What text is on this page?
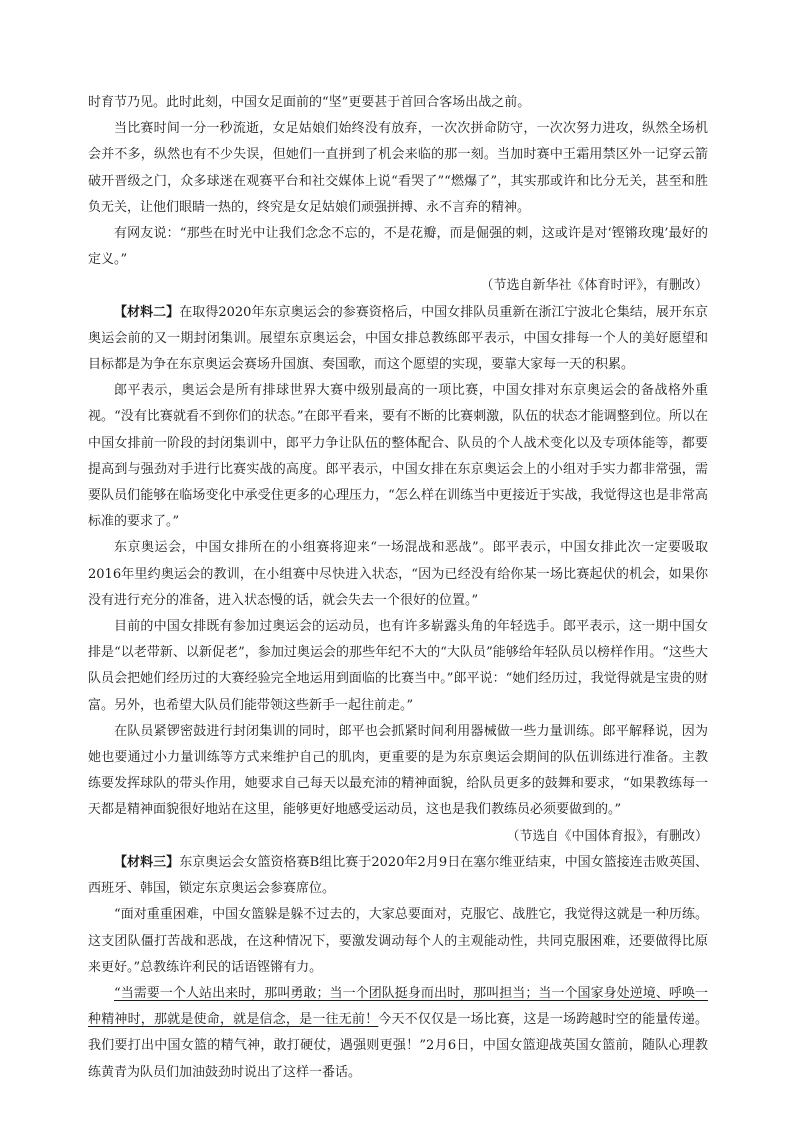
时育节乃见。此时此刻，中国女足面前的“坚”更要甚于首回合客场出战之前。

当比赛时间一分一秒流逝，女足姑娘们始终没有放弃，一次次拼命防守，一次次努力进攻，纵然全场机会并不多，纵然也有不少失误，但她们一直拼到了机会来临的那一刻。当加时赛中王霜用禁区外一记穿云箭破开晋级之门，众多球迷在观赛平台和社交媒体上说“看哭了”“燃爆了”，其实那或许和比分无关，甚至和胜负无关，让他们眼睛一热的，终究是女足姑娘们顽强拼搏、永不言弃的精神。

有网友说：“那些在时光中让我们念念不忘的，不是花瓣，而是倔强的刺，这或许是对‘铿锵玫瑰’最好的定义。”

（节选自新华社《体育时评》，有删改）

【材料二】在取得2020年东京奥运会的参赛资格后，中国女排队员重新在浙江宁波北仑集结，展开东京奥运会前的又一期封闭集训。展望东京奥运会，中国女排总教练郎平表示，中国女排每一个人的美好愿望和目标都是为争在东京奥运会赛场升国旗、奏国歌，而这个愿望的实现，要靠大家每一天的积累。

郎平表示，奥运会是所有排球世界大赛中级别最高的一项比赛，中国女排对东京奥运会的备战格外重视。“没有比赛就看不到你们的状态。”在郎平看来，要有不断的比赛刺激，队伍的状态才能调整到位。所以在中国女排前一阶段的封闭集训中，郎平力争让队伍的整体配合、队员的个人战术变化以及专项体能等，都要提高到与强劲对手进行比赛实战的高度。郎平表示，中国女排在东京奥运会上的小组对手实力都非常强，需要队员们能够在临场变化中承受住更多的心理压力，“怎么样在训练当中更接近于实战，我觉得这也是非常高标准的要求了。”

东京奥运会，中国女排所在的小组赛将迎来“一场混战和恶战”。郎平表示，中国女排此次一定要吸取2016年里约奥运会的教训，在小组赛中尽快进入状态，“因为已经没有给你某一场比赛起伏的机会，如果你没有进行充分的准备，进入状态慢的话，就会失去一个很好的位置。”

目前的中国女排既有参加过奥运会的运动员，也有许多崭露头角的年轻选手。郎平表示，这一期中国女排是“以老带新、以新促老”，参加过奥运会的那些年纪不大的“大队员”能够给年轻队员以榜样作用。“这些大队员会把她们经历过的大赛经验完全地运用到面临的比赛当中。”郎平说：“她们经历过，我觉得就是宝贵的财富。另外，也希望大队员们能带领这些新手一起往前走。”

在队员紧锣密鼓进行封闭集训的同时，郎平也会抓紧时间利用器械做一些力量训练。郎平解释说，因为她也要通过小力量训练等方式来维护自己的肌肉，更重要的是为东京奥运会期间的队伍训练进行准备。主教练要发挥球队的带头作用，她要求自己每天以最充沛的精神面貌，给队员更多的鼓舞和要求，“如果教练每一天都是精神面貌很好地站在这里，能够更好地感受运动员，这也是我们教练员必须要做到的。”

（节选自《中国体育报》，有删改）

【材料三】东京奥运会女篮资格赛B组比赛于2020年2月9日在塞尔维亚结束，中国女篮接连击败英国、西班牙、韩国，锁定东京奥运会参赛席位。

“面对重重困难，中国女篮躲是躲不过去的，大家总要面对，克服它、战胜它，我觉得这就是一种历练。这支团队僵打苦战和恶战，在这种情况下，要激发调动每个人的主观能动性，共同克服困难，还要做得比原来更好。”总教练许利民的话语铿锵有力。

“当需要一个人站出来时，那叫勇敢；当一个团队挺身而出时，那叫担当；当一个国家身处逆境、呼唤一种精神时，那就是使命，就是信念，是一往无前！今天不仅仅是一场比赛，这是一场跨越时空的能量传递。我们要打出中国女篮的精气神，敢打硬仗，遇强则更强！”2月6日，中国女篮迎战英国女篮前，随队心理教练黄青为队员们加油鼓劲时说出了这样一番话。
